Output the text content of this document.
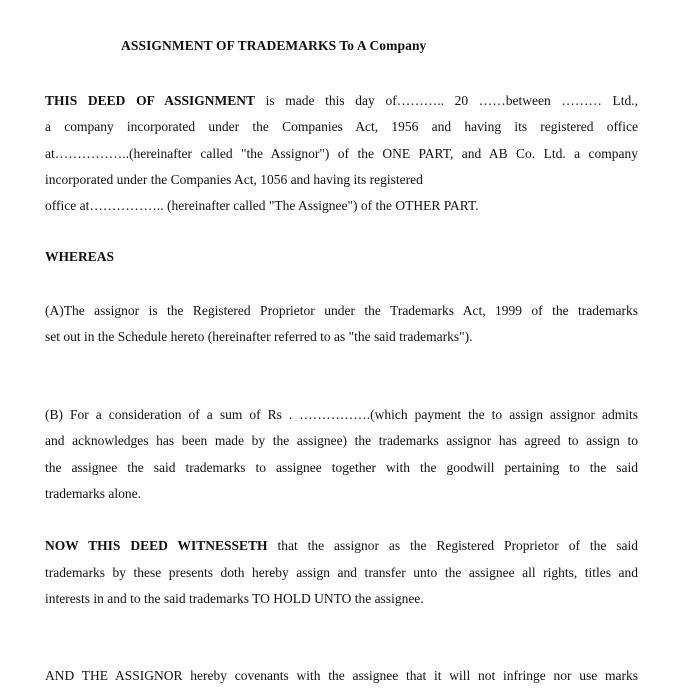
ASSIGNMENT OF TRADEMARKS To A Company
THIS DEED OF ASSIGNMENT is made this day of……….. 20 ……between ……… Ltd.,
a company incorporated under the Companies Act, 1956 and having its registered office
at……………..(hereinafter called "the Assignor") of the ONE PART, and AB Co. Ltd. a company
incorporated under the Companies Act, 1056 and having its registered
office at…………….. (hereinafter called "The Assignee") of the OTHER PART.
WHEREAS
(A)The assignor is the Registered Proprietor under the Trademarks Act, 1999 of the trademarks
set out in the Schedule hereto (hereinafter referred to as "the said trademarks").
(B) For a consideration of a sum of Rs . …………….(which payment the to assign assignor admits
and acknowledges has been made by the assignee) the trademarks assignor has agreed to assign to
the assignee the said trademarks to assignee together with the goodwill pertaining to the said
trademarks alone.
NOW THIS DEED WITNESSETH that the assignor as the Registered Proprietor of the said
trademarks by these presents doth hereby assign and transfer unto the assignee all rights, titles and
interests in and to the said trademarks TO HOLD UNTO the assignee.
AND THE ASSIGNOR hereby covenants with the assignee that it will not infringe nor use marks
